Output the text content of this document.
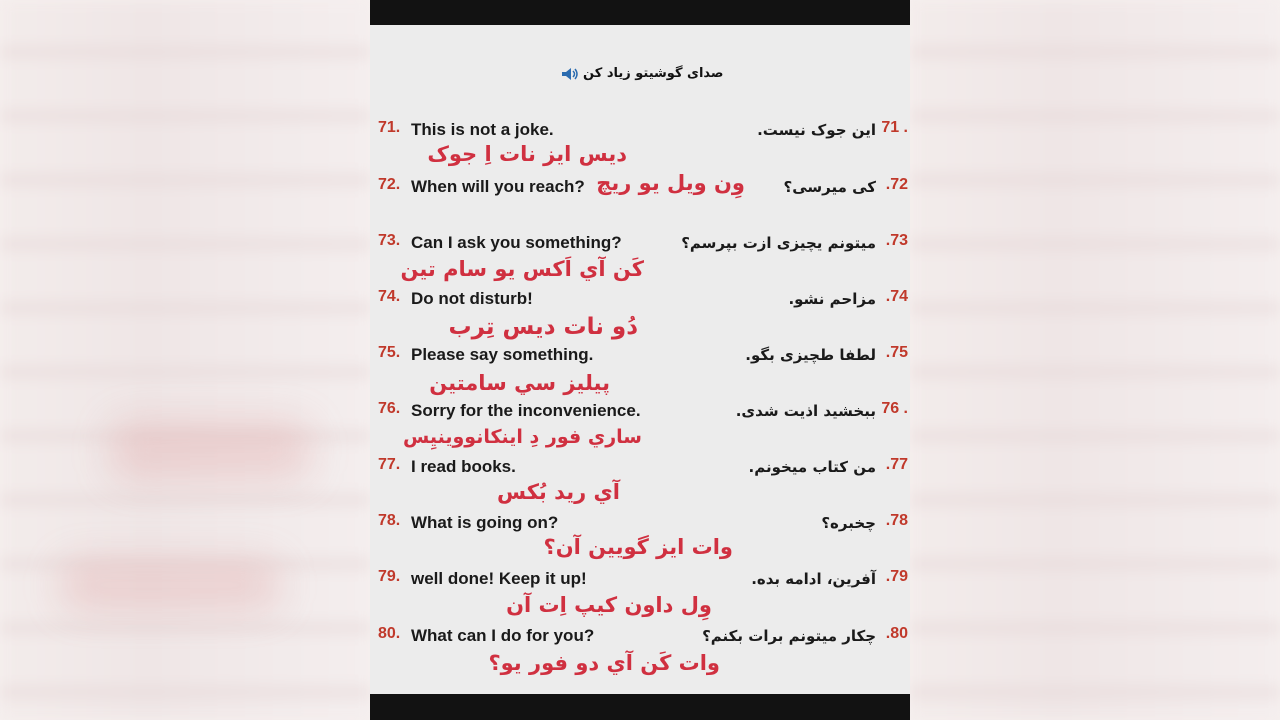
صدای گوشیتو زیاد کن
71. This is not a joke.	این جوک نیست. 71 .
دیس ایز نات اِ جوک
72. When will you reach?	کی میرسی؟ .72
وِن ویل یو ریچ
73. Can I ask you something?	میتونم یچیزی ازت بپرسم؟ .73
کَن آي اَکس یو سام تین
74. Do not disturb!	مزاحم نشو. .74
دُو نات دیس تِرب
75. Please say something.	لطفا طچیزی بگو. .75
پیلیز سي سامتین
76. Sorry for the inconvenience.	ببخشید اذیت شدی. 76 .
ساري فور دِ اینکانووینیِس
77. I read books.	من کتاب میخونم. .77
آي رید بُکس
78. What is going on?	چخبره؟ .78
وات ایز گویین آن؟
79. well done! Keep it up!	آفرین، ادامه بده. .79
وِل داون کیپ اِت آن
80. What can I do for you?	چکار میتونم برات بکنم؟ .80
وات کَن آي دو فور یو؟
